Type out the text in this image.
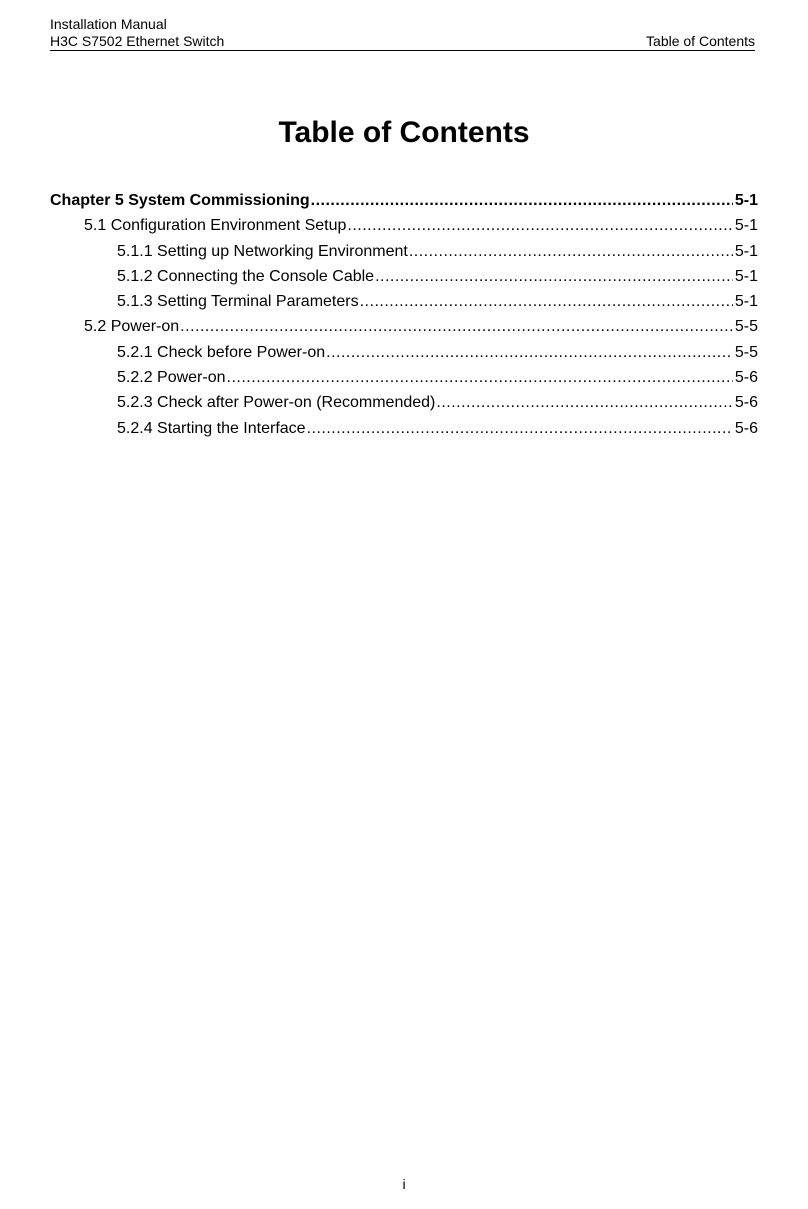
Installation Manual
H3C S7502 Ethernet Switch	Table of Contents
Table of Contents
Chapter 5 System Commissioning .....	5-1
5.1 Configuration Environment Setup .....	5-1
5.1.1 Setting up Networking Environment .....	5-1
5.1.2 Connecting the Console Cable .....	5-1
5.1.3 Setting Terminal Parameters .....	5-1
5.2 Power-on .....	5-5
5.2.1 Check before Power-on .....	5-5
5.2.2 Power-on .....	5-6
5.2.3 Check after Power-on (Recommended) .....	5-6
5.2.4 Starting the Interface .....	5-6
i
